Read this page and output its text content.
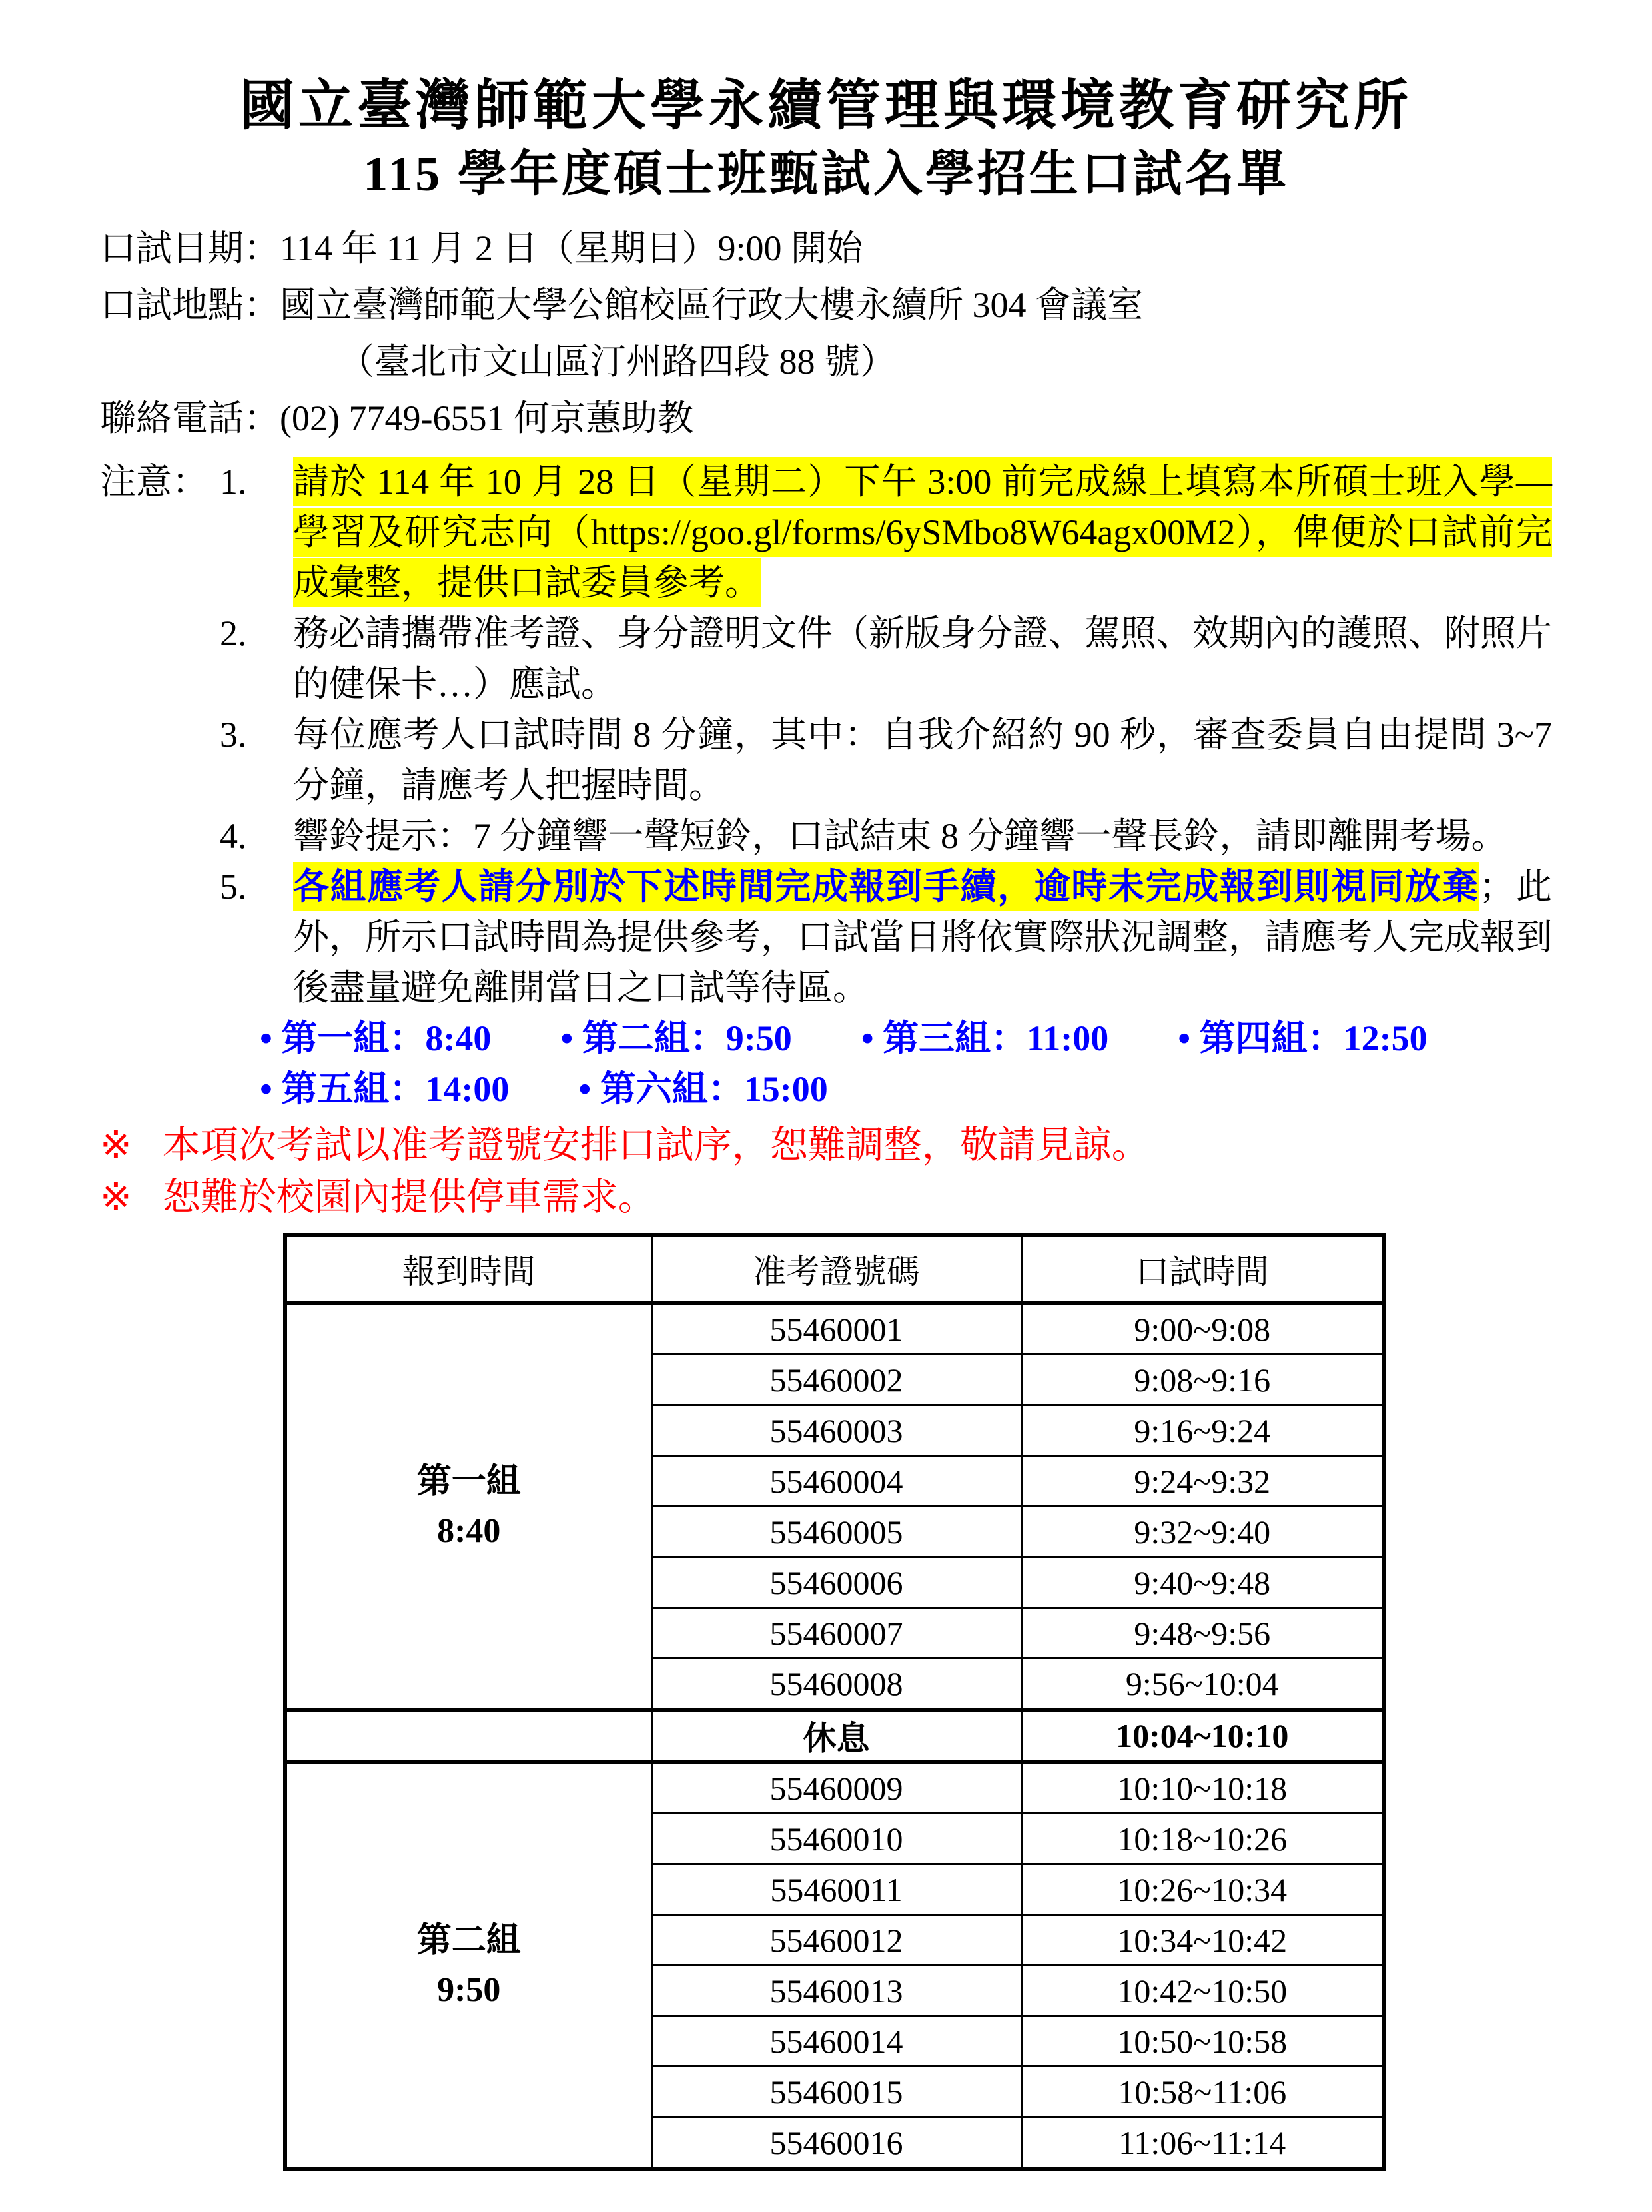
國立臺灣師範大學永續管理與環境教育研究所
115 學年度碩士班甄試入學招生口試名單
口試日期：114 年 11 月 2 日（星期日）9:00 開始
口試地點：國立臺灣師範大學公館校區行政大樓永續所 304 會議室
（臺北市文山區汀州路四段 88 號）
聯絡電話：(02) 7749-6551 何京蕙助教
注意： 1. 請於 114 年 10 月 28 日（星期二）下午 3:00 前完成線上填寫本所碩士班入學—學習及研究志向（https://goo.gl/forms/6ySMbo8W64agx00M2），俾便於口試前完成彙整，提供口試委員參考。
2. 務必請攜帶准考證、身分證明文件（新版身分證、駕照、效期內的護照、附照片的健保卡…）應試。
3. 每位應考人口試時間 8 分鐘，其中：自我介紹約 90 秒，審查委員自由提問 3~7 分鐘，請應考人把握時間。
4. 響鈴提示：7 分鐘響一聲短鈴，口試結束 8 分鐘響一聲長鈴，請即離開考場。
5. 各組應考人請分別於下述時間完成報到手續，逾時未完成報到則視同放棄；此外，所示口試時間為提供參考，口試當日將依實際狀況調整，請應考人完成報到後盡量避免離開當日之口試等待區。
• 第一組：8:40 • 第二組：9:50 • 第三組：11:00 • 第四組：12:50
• 第五組：14:00 • 第六組：15:00
※ 本項次考試以准考證號安排口試序，恕難調整，敬請見諒。
※ 恕難於校園內提供停車需求。
報到時間	准考證號碼	口試時間

第一組
8:40	55460001	9:00~9:08
	55460002	9:08~9:16
	55460003	9:16~9:24
	55460004	9:24~9:32
	55460005	9:32~9:40
	55460006	9:40~9:48
	55460007	9:48~9:56
	55460008	9:56~10:04
	休息	10:04~10:10

第二組
9:50	55460009	10:10~10:18
	55460010	10:18~10:26
	55460011	10:26~10:34
	55460012	10:34~10:42
	55460013	10:42~10:50
	55460014	10:50~10:58
	55460015	10:58~11:06
	55460016	11:06~11:14
